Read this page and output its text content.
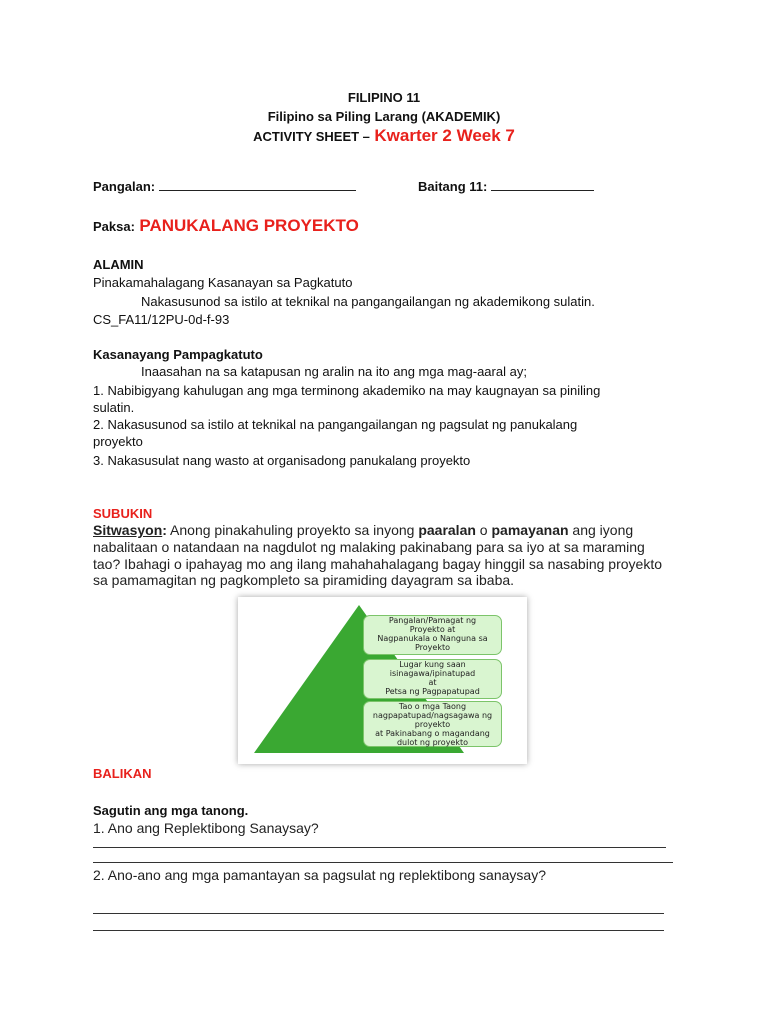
FILIPINO 11
Filipino sa Piling Larang (AKADEMIK)
ACTIVITY SHEET – Kwarter 2 Week 7
Pangalan:	Baitang 11:
Paksa: PANUKALANG PROYEKTO
ALAMIN
Pinakamahalagang Kasanayan sa Pagkatuto
Nakasusunod sa istilo at teknikal na pangangailangan ng akademikong sulatin.
CS_FA11/12PU-0d-f-93
Kasanayang Pampagkatuto
Inaasahan na sa katapusan ng aralin na ito ang mga mag-aaral ay;
1. Nabibigyang kahulugan ang mga terminong akademiko na may kaugnayan sa piniling
sulatin.
2. Nakasusunod sa istilo at teknikal na pangangailangan ng pagsulat ng panukalang
proyekto
3. Nakasusulat nang wasto at organisadong panukalang proyekto
SUBUKIN
Sitwasyon: Anong pinakahuling proyekto sa inyong paaralan o pamayanan ang iyong
nabalitaan o natandaan na nagdulot ng malaking pakinabang para sa iyo at sa maraming
tao? Ibahagi o ipahayag mo ang ilang mahahahalagang bagay hinggil sa nasabing proyekto
sa pamamagitan ng pagkompleto sa piramiding dayagram sa ibaba.
Pangalan/Pamagat ng
Proyekto at
Nagpanukala o Nanguna sa
Proyekto
Lugar kung saan
isinagawa/ipinatupad
at
Petsa ng Pagpapatupad
Tao o mga Taong
nagpapatupad/nagsagawa ng
proyekto
at Pakinabang o magandang
dulot ng proyekto
BALIKAN
Sagutin ang mga tanong.
1. Ano ang Replektibong Sanaysay?
2. Ano-ano ang mga pamantayan sa pagsulat ng replektibong sanaysay?
